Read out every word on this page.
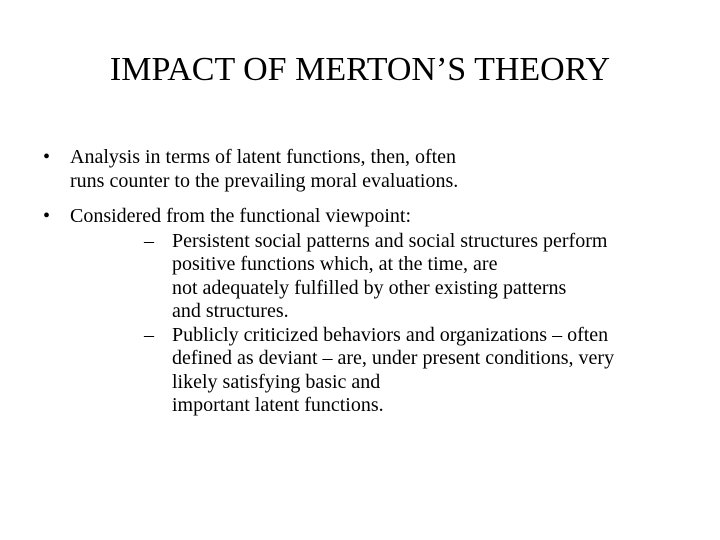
IMPACT OF MERTON’S THEORY
• Analysis in terms of latent functions, then, often
runs counter to the prevailing moral evaluations.
• Considered from the functional viewpoint:
– Persistent social patterns and social structures perform
positive functions which, at the time, are
not adequately fulfilled by other existing patterns
and structures.
– Publicly criticized behaviors and organizations – often
defined as deviant – are, under present conditions, very
likely satisfying basic and
important latent functions.
